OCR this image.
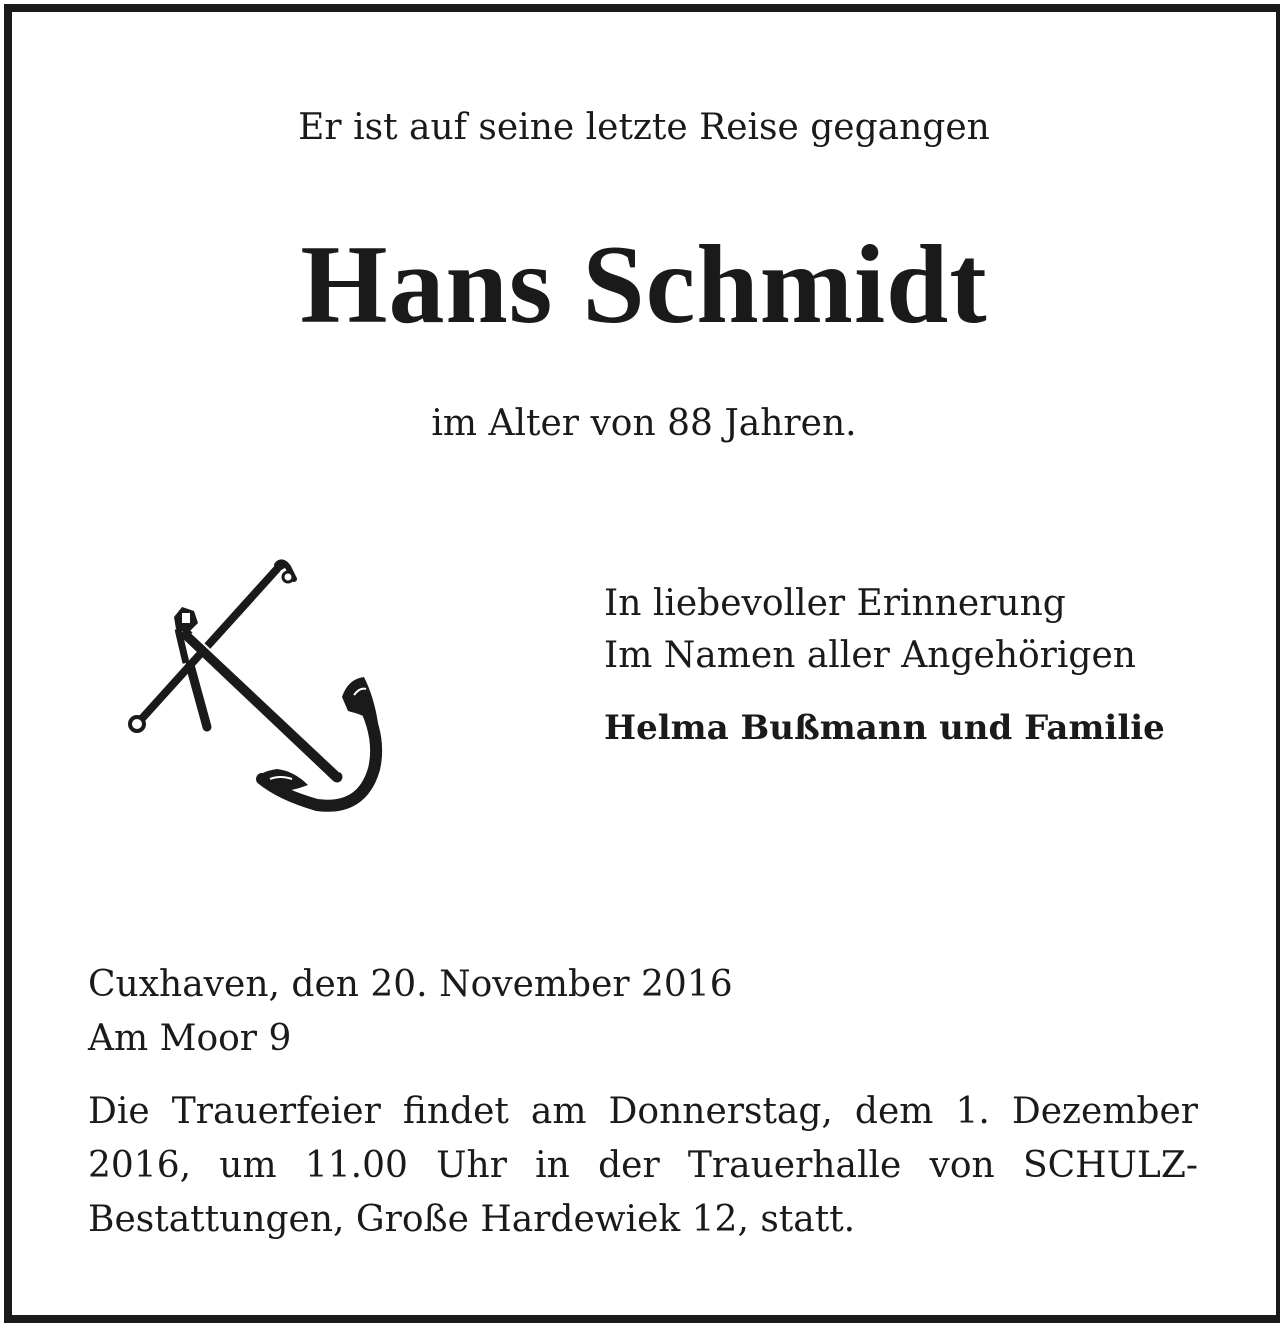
Er ist auf seine letzte Reise gegangen
Hans Schmidt
im Alter von 88 Jahren.
In liebevoller Erinnerung
Im Namen aller Angehörigen
Helma Bußmann und Familie
Cuxhaven, den 20. November 2016
Am Moor 9
Die Trauerfeier findet am Donnerstag, dem 1. Dezember
2016, um 11.00 Uhr in der Trauerhalle von SCHULZ-
Bestattungen, Große Hardewiek 12, statt.
